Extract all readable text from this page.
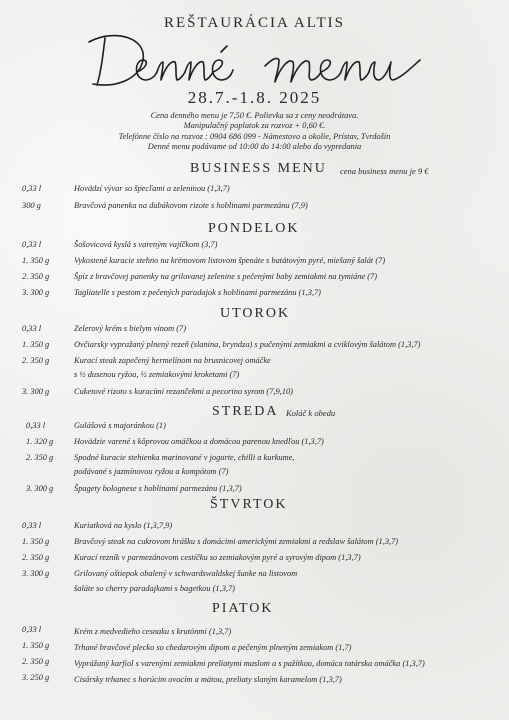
REŠTAURÁCIA ALTIS
28.7.-1.8. 2025
Cena denného menu je 7,50 €. Polievka sa z ceny neodrátava.
Manipulačný poplatok za rozvoz + 0,60 €.
Telefónne číslo na rozvoz : 0904 686 099 - Námestovo a okolie, Prístav, Tvrdošín
Denné menu podávame od 10:00 do 14:00 alebo do vypredania
BUSINESS MENU cena business menu je 9 €
0,33 l	Hovädzí vývar so špecľami a zeleninou (1,3,7)
300 g	Bravčová panenka na dubákovom rizote s hoblinami parmezánu (7,9)
PONDELOK
0,33 l	Šošovicová kyslá s vareným vajíčkom (3,7)
1. 350 g	Vykostené kuracie stehno na krémovom listovom špenáte s batátovým pyré, miešaný šalát (7)
2. 350 g	Špíz z bravčovej panenky na grilovanej zelenine s pečenými baby zemiakmi na tymiáne (7)
3. 300 g	Tagliatelle s pestom z pečených paradajok s hoblinami parmezánu (1,3,7)
UTOROK
0,33 l	Zelerový krém s bielym vínom (7)
1. 350 g	Ovčiarsky vypražaný plnený rezeň (slanina, bryndza) s pučenými zemiakmi a cviklovým šalátom (1,3,7)
2. 350 g	Kurací steak zapečený hermelínom na brusnicovej omáčke
s ½ dusenou ryžou, ½ zemiakovými kroketami (7)
3. 300 g	Cuketové rizoto s kuracími rezančekmi a pecorino syrom (7,9,10)
STREDA Koláč k obedu
0,33 l	Gulášová s majoránkou (1)
1. 320 g Hovädzie varené s kôprovou omáčkou a domácou parenou knedľou (1,3,7)
2. 350 g Spodné kuracie stehienka marinované v jogurte, chilli a kurkume,
podávané s jazmínovou ryžou a kompótom (7)
3. 300 g Špagety bolognese s hoblinami parmezánu (1,3,7)
ŠTVRTOK
0,33 l	Kuriatková na kyslo (1,3,7,9)
1. 350 g	Bravčový steak na cukrovom hrášku s domácimi americkými zemiakmi a redslaw šalátom (1,3,7)
2. 350 g	Kurací rezník v parmezánovom cestíčku so zemiakovým pyré a syrovým dipom (1,3,7)
3. 300 g	Grilovaný oštiepok obalený v schwardswaldskej šunke na listovom
šaláte so cherry paradajkami s bagetkou (1,3,7)
PIATOK
0,33 l	Krém z medvedieho cesnaku s krutónmi (1,3,7)
1. 350 g	Trhané bravčové plecko so chedarovým dipom a pečeným plneným zemiakom (1,7)
2. 350 g	Vyprážaný karfiol s varenými zemiakmi preliatymi maslom a s pažítkou, domáca tatárska omáčka (1,3,7)
3. 250 g	Cisársky trhanec s horúcim ovocím a mätou, preliaty slaným karamelom (1,3,7)
